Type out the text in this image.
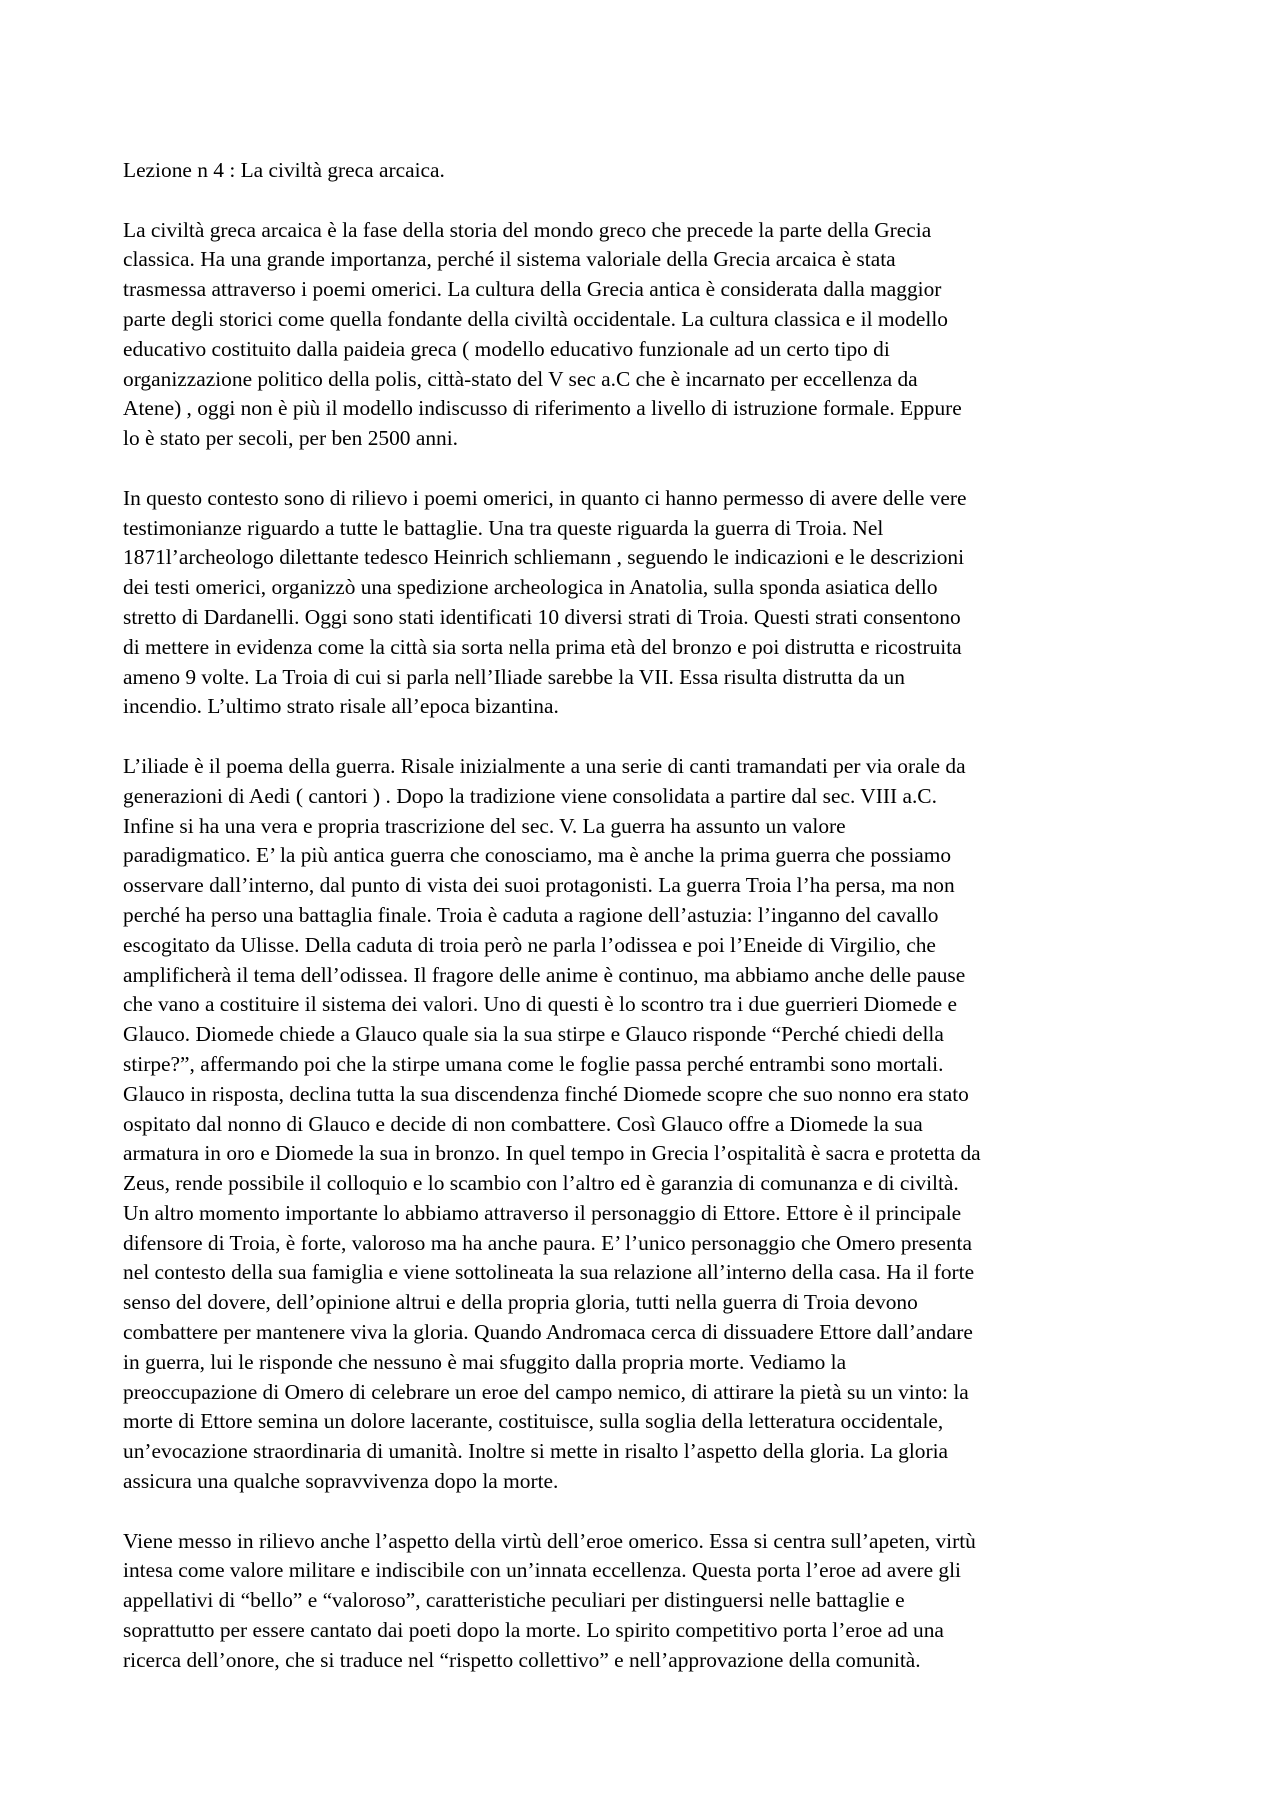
Lezione n 4 : La civiltà greca arcaica.
La civiltà greca arcaica è la fase della storia del mondo greco che precede la parte della Grecia
classica. Ha una grande importanza, perché il sistema valoriale della Grecia arcaica è stata
trasmessa attraverso i poemi omerici. La cultura della Grecia antica è considerata dalla maggior
parte degli storici come quella fondante della civiltà occidentale. La cultura classica e il modello
educativo costituito dalla paideia greca ( modello educativo funzionale ad un certo tipo di
organizzazione politico della polis, città-stato del V sec a.C che è incarnato per eccellenza da
Atene) , oggi non è più il modello indiscusso di riferimento a livello di istruzione formale. Eppure
lo è stato per secoli, per ben 2500 anni.
In questo contesto sono di rilievo i poemi omerici, in quanto ci hanno permesso di avere delle vere
testimonianze riguardo a tutte le battaglie. Una tra queste riguarda la guerra di Troia. Nel
1871l’archeologo dilettante tedesco Heinrich schliemann , seguendo le indicazioni e le descrizioni
dei testi omerici, organizzò una spedizione archeologica in Anatolia, sulla sponda asiatica dello
stretto di Dardanelli. Oggi sono stati identificati 10 diversi strati di Troia. Questi strati consentono
di mettere in evidenza come la città sia sorta nella prima età del bronzo e poi distrutta e ricostruita
ameno 9 volte. La Troia di cui si parla nell’Iliade sarebbe la VII. Essa risulta distrutta da un
incendio. L’ultimo strato risale all’epoca bizantina.
L’iliade è il poema della guerra. Risale inizialmente a una serie di canti tramandati per via orale da
generazioni di Aedi ( cantori ) . Dopo la tradizione viene consolidata a partire dal sec. VIII a.C.
Infine si ha una vera e propria trascrizione del sec. V. La guerra ha assunto un valore
paradigmatico. E’ la più antica guerra che conosciamo, ma è anche la prima guerra che possiamo
osservare dall’interno, dal punto di vista dei suoi protagonisti. La guerra Troia l’ha persa, ma non
perché ha perso una battaglia finale. Troia è caduta a ragione dell’astuzia: l’inganno del cavallo
escogitato da Ulisse. Della caduta di troia però ne parla l’odissea e poi l’Eneide di Virgilio, che
amplificherà il tema dell’odissea. Il fragore delle anime è continuo, ma abbiamo anche delle pause
che vano a costituire il sistema dei valori. Uno di questi è lo scontro tra i due guerrieri Diomede e
Glauco. Diomede chiede a Glauco quale sia la sua stirpe e Glauco risponde “Perché chiedi della
stirpe?”, affermando poi che la stirpe umana come le foglie passa perché entrambi sono mortali.
Glauco in risposta, declina tutta la sua discendenza finché Diomede scopre che suo nonno era stato
ospitato dal nonno di Glauco e decide di non combattere. Così Glauco offre a Diomede la sua
armatura in oro e Diomede la sua in bronzo. In quel tempo in Grecia l’ospitalità è sacra e protetta da
Zeus, rende possibile il colloquio e lo scambio con l’altro ed è garanzia di comunanza e di civiltà.
Un altro momento importante lo abbiamo attraverso il personaggio di Ettore. Ettore è il principale
difensore di Troia, è forte, valoroso ma ha anche paura. E’ l’unico personaggio che Omero presenta
nel contesto della sua famiglia e viene sottolineata la sua relazione all’interno della casa. Ha il forte
senso del dovere, dell’opinione altrui e della propria gloria, tutti nella guerra di Troia devono
combattere per mantenere viva la gloria. Quando Andromaca cerca di dissuadere Ettore dall’andare
in guerra, lui le risponde che nessuno è mai sfuggito dalla propria morte. Vediamo la
preoccupazione di Omero di celebrare un eroe del campo nemico, di attirare la pietà su un vinto: la
morte di Ettore semina un dolore lacerante, costituisce, sulla soglia della letteratura occidentale,
un’evocazione straordinaria di umanità. Inoltre si mette in risalto l’aspetto della gloria. La gloria
assicura una qualche sopravvivenza dopo la morte.
Viene messo in rilievo anche l’aspetto della virtù dell’eroe omerico. Essa si centra sull’apeten, virtù
intesa come valore militare e indiscibile con un’innata eccellenza. Questa porta l’eroe ad avere gli
appellativi di “bello” e “valoroso”, caratteristiche peculiari per distinguersi nelle battaglie e
soprattutto per essere cantato dai poeti dopo la morte. Lo spirito competitivo porta l’eroe ad una
ricerca dell’onore, che si traduce nel “rispetto collettivo” e nell’approvazione della comunità.
